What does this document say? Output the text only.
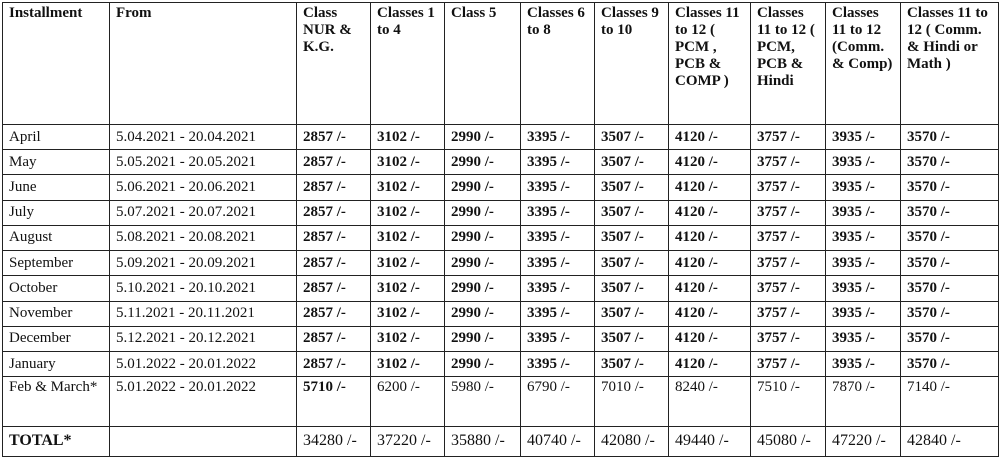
Installment	From	Class NUR & K.G.	Classes 1 to 4	Class 5	Classes 6 to 8	Classes 9 to 10	Classes 11 to 12 ( PCM , PCB & COMP )	Classes 11 to 12 ( PCM, PCB & Hindi	Classes 11 to 12 (Comm. & Comp)	Classes 11 to 12 ( Comm. & Hindi or Math )
April	5.04.2021 - 20.04.2021	2857 /-	3102 /-	2990 /-	3395 /-	3507 /-	4120 /-	3757 /-	3935 /-	3570 /-
May	5.05.2021 - 20.05.2021	2857 /-	3102 /-	2990 /-	3395 /-	3507 /-	4120 /-	3757 /-	3935 /-	3570 /-
June	5.06.2021 - 20.06.2021	2857 /-	3102 /-	2990 /-	3395 /-	3507 /-	4120 /-	3757 /-	3935 /-	3570 /-
July	5.07.2021 - 20.07.2021	2857 /-	3102 /-	2990 /-	3395 /-	3507 /-	4120 /-	3757 /-	3935 /-	3570 /-
August	5.08.2021 - 20.08.2021	2857 /-	3102 /-	2990 /-	3395 /-	3507 /-	4120 /-	3757 /-	3935 /-	3570 /-
September	5.09.2021 - 20.09.2021	2857 /-	3102 /-	2990 /-	3395 /-	3507 /-	4120 /-	3757 /-	3935 /-	3570 /-
October	5.10.2021 - 20.10.2021	2857 /-	3102 /-	2990 /-	3395 /-	3507 /-	4120 /-	3757 /-	3935 /-	3570 /-
November	5.11.2021 - 20.11.2021	2857 /-	3102 /-	2990 /-	3395 /-	3507 /-	4120 /-	3757 /-	3935 /-	3570 /-
December	5.12.2021 - 20.12.2021	2857 /-	3102 /-	2990 /-	3395 /-	3507 /-	4120 /-	3757 /-	3935 /-	3570 /-
January	5.01.2022 - 20.01.2022	2857 /-	3102 /-	2990 /-	3395 /-	3507 /-	4120 /-	3757 /-	3935 /-	3570 /-
Feb & March*	5.01.2022 - 20.01.2022	5710 /-	6200 /-	5980 /-	6790 /-	7010 /-	8240 /-	7510 /-	7870 /-	7140 /-
TOTAL*		34280 /-	37220 /-	35880 /-	40740 /-	42080 /-	49440 /-	45080 /-	47220 /-	42840 /-
